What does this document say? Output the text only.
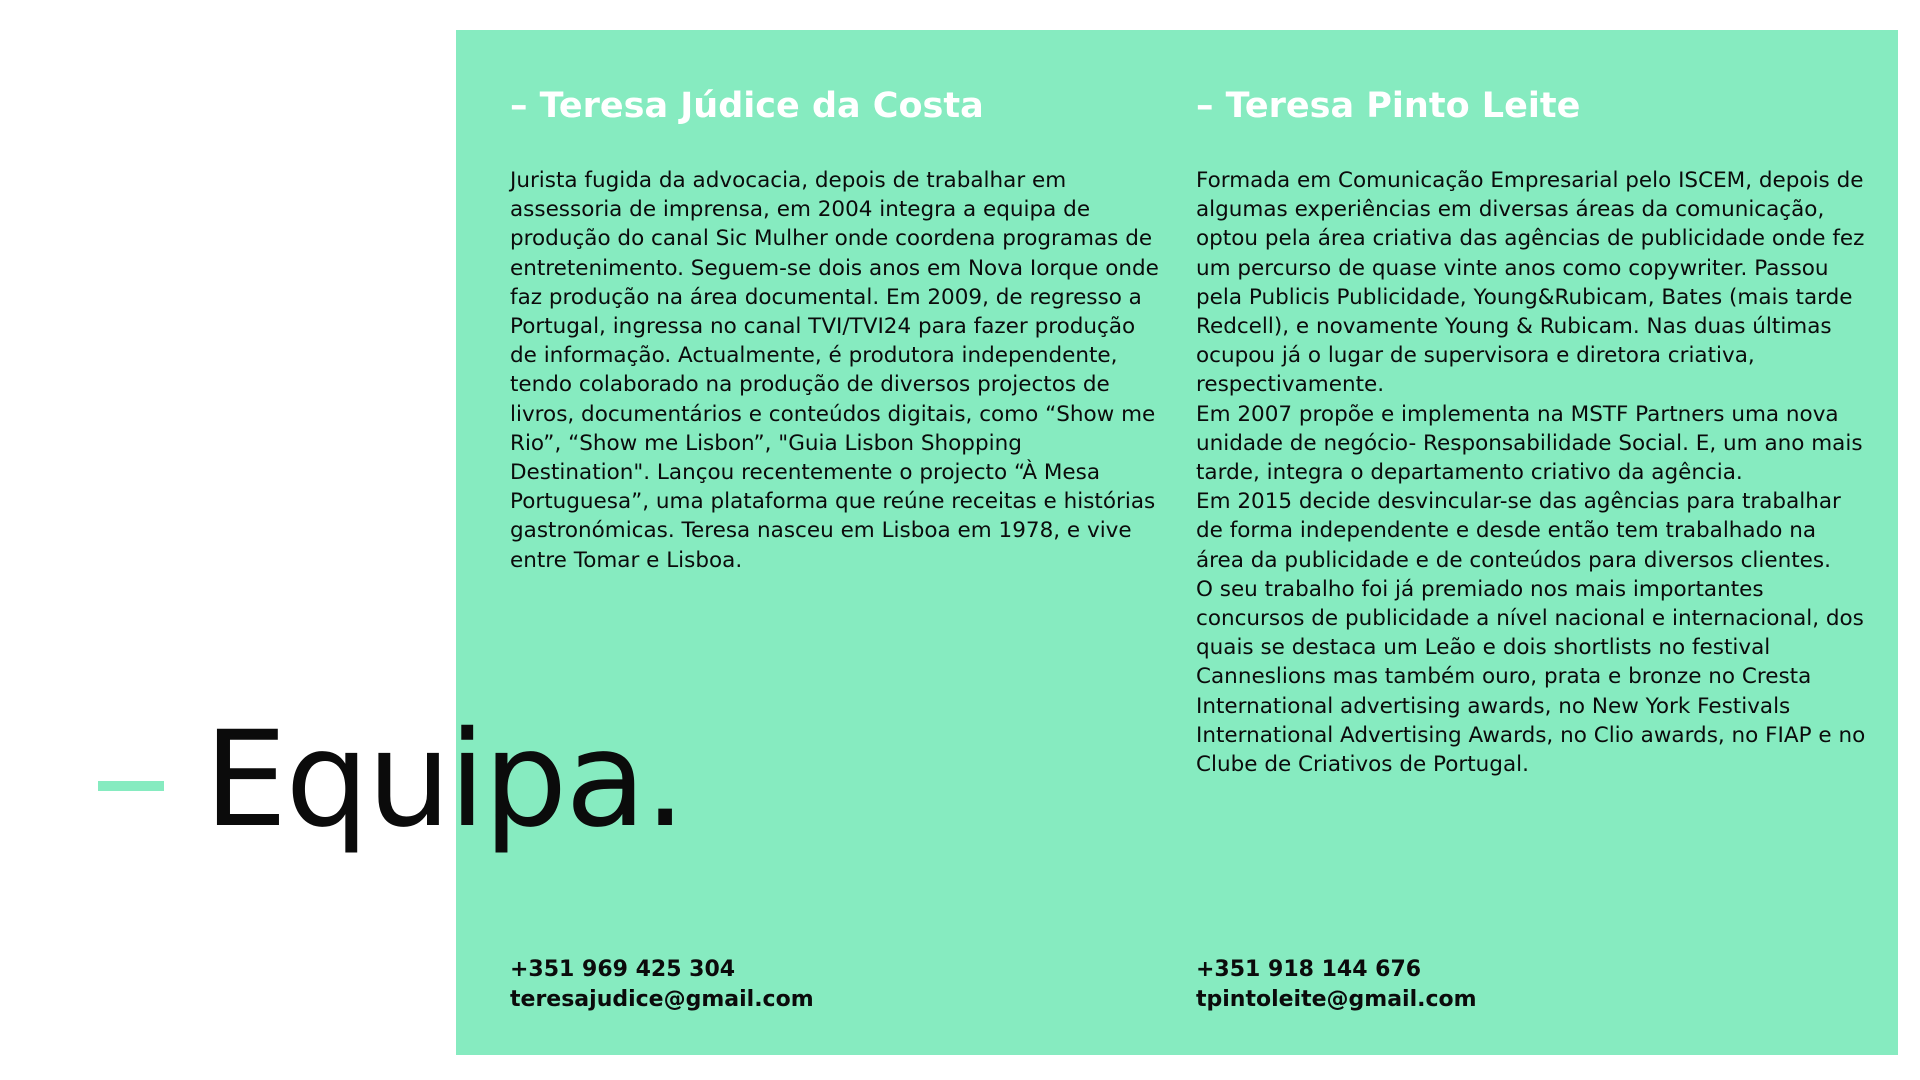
– Teresa Júdice da Costa

Jurista fugida da advocacia, depois de trabalhar em assessoria de imprensa, em 2004 integra a equipa de produção do canal Sic Mulher onde coordena programas de entretenimento. Seguem-se dois anos em Nova Iorque onde faz produção na área documental. Em 2009, de regresso a Portugal, ingressa no canal TVI/TVI24 para fazer produção de informação. Actualmente, é produtora independente, tendo colaborado na produção de diversos projectos de livros, documentários e conteúdos digitais, como “Show me Rio”, “Show me Lisbon”, "Guia Lisbon Shopping Destination". Lançou recentemente o projecto “À Mesa Portuguesa”, uma plataforma que reúne receitas e histórias gastronómicas. Teresa nasceu em Lisboa em 1978, e vive entre Tomar e Lisboa.

– Teresa Pinto Leite

Formada em Comunicação Empresarial pelo ISCEM, depois de algumas experiências em diversas áreas da comunicação, optou pela área criativa das agências de publicidade onde fez um percurso de quase vinte anos como copywriter. Passou pela Publicis Publicidade, Young&Rubicam, Bates (mais tarde Redcell), e novamente Young & Rubicam. Nas duas últimas ocupou já o lugar de supervisora e diretora criativa, respectivamente.

Em 2007 propõe e implementa na MSTF Partners uma nova unidade de negócio- Responsabilidade Social. E, um ano mais tarde, integra o departamento criativo da agência.

Em 2015 decide desvincular-se das agências para trabalhar de forma independente e desde então tem trabalhado na área da publicidade e de conteúdos para diversos clientes.

O seu trabalho foi já premiado nos mais importantes concursos de publicidade a nível nacional e internacional, dos quais se destaca um Leão e dois shortlists no festival Canneslions mas também ouro, prata e bronze no Cresta International advertising awards, no New York Festivals International Advertising Awards, no Clio awards, no FIAP e no Clube de Criativos de Portugal.

+351 969 425 304
teresajudice@gmail.com
+351 918 144 676
tpintoleite@gmail.com
Equipa.
